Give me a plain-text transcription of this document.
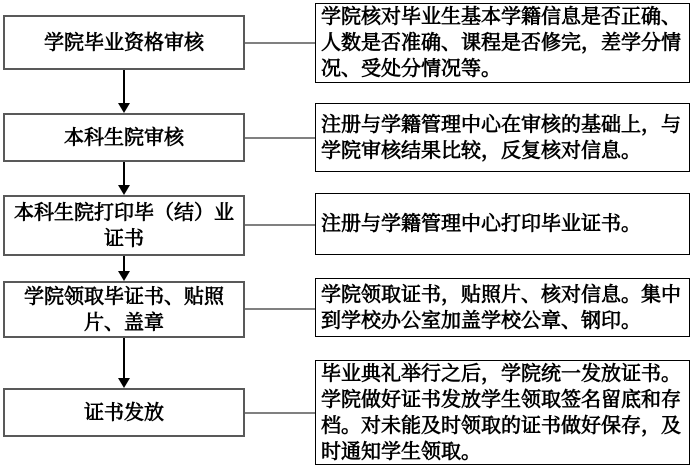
学院毕业资格审核
学院核对毕业生基本学籍信息是否正确、人数是否准确、课程是否修完，差学分情况、受处分情况等。
本科生院审核
注册与学籍管理中心在审核的基础上，与学院审核结果比较，反复核对信息。
本科生院打印毕（结）业证书
注册与学籍管理中心打印毕业证书。
学院领取毕证书、贴照片、盖章
学院领取证书，贴照片、核对信息。集中到学校办公室加盖学校公章、钢印。
证书发放
毕业典礼举行之后，学院统一发放证书。学院做好证书发放学生领取签名留底和存档。对未能及时领取的证书做好保存，及时通知学生领取。
